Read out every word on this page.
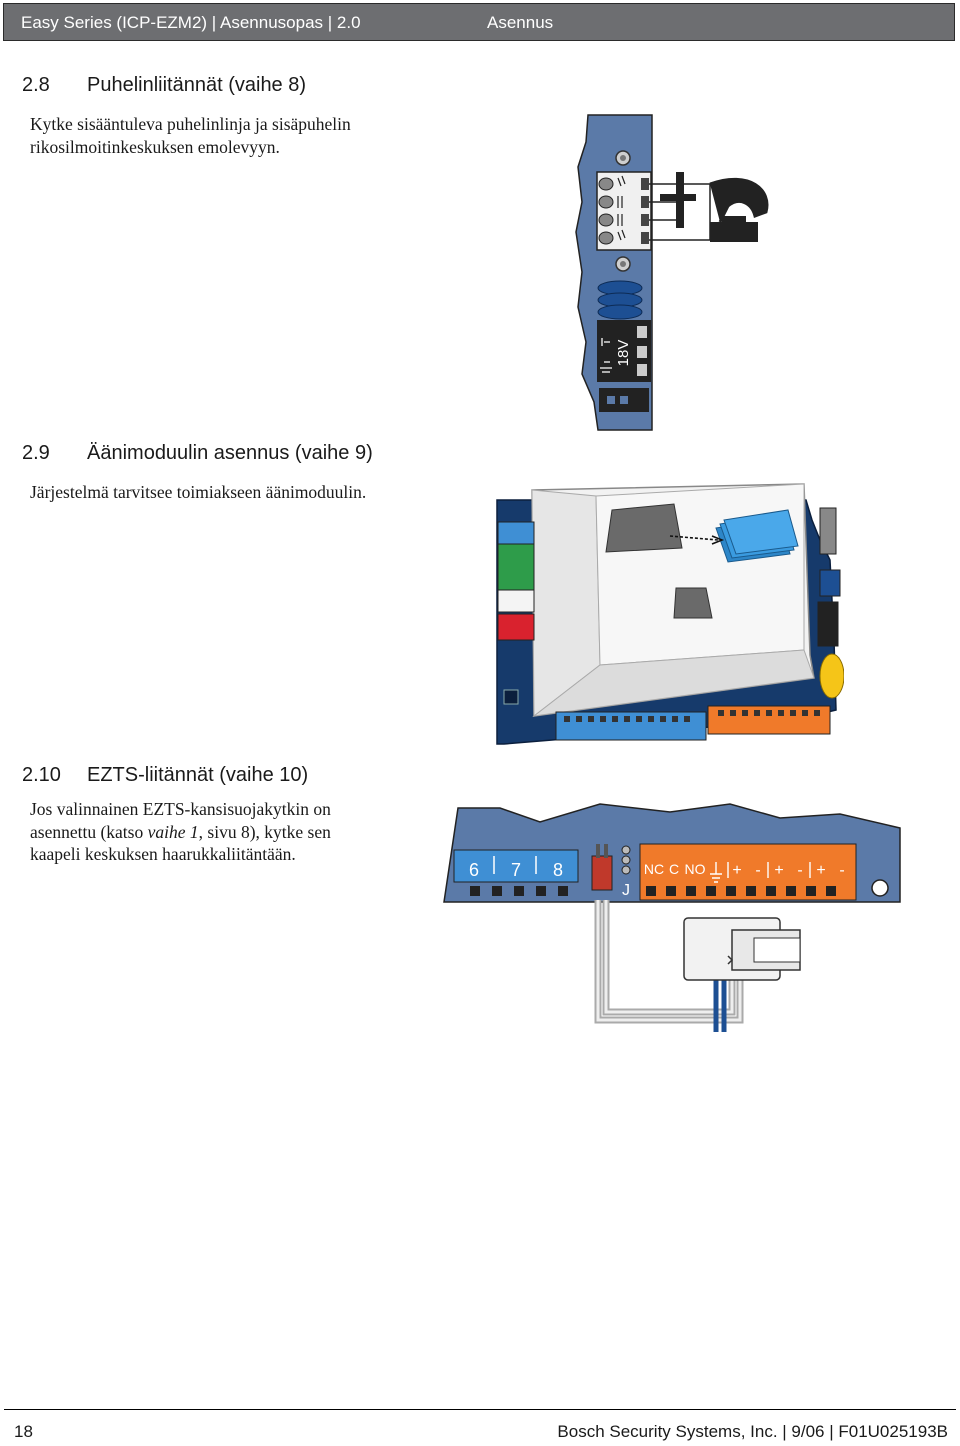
Easy Series (ICP-EZM2) | Asennusopas | 2.0	Asennus
2.8 Puhelinliitännät (vaihe 8)

Kytke sisääntuleva puhelinlinja ja sisäpuhelin

rikosilmoitinkeskuksen emolevyyn.

18V
2.9 Äänimoduulin asennus (vaihe 9)

Järjestelmä tarvitsee toimiakseen äänimoduulin.

2.10 EZTS-liitännät (vaihe 10)

Jos valinnainen EZTS-kansisuojakytkin on

asennettu (katso vaihe 1, sivu 8), kytke sen

kaapeli keskuksen haarukkaliitäntään.

6 7 8
J
NC C NO + - + - + -
18	Bosch Security Systems, Inc. | 9/06 | F01U025193B
